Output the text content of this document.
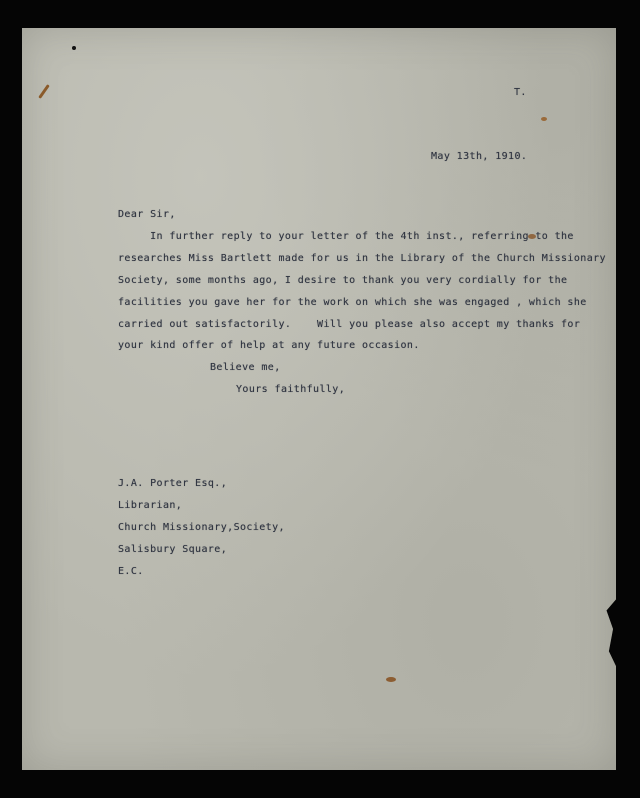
T.
May 13th, 1910.
Dear Sir,
In further reply to your letter of the 4th inst., referring to the
researches Miss Bartlett made for us in the Library of the Church Missionary
Society, some months ago, I desire to thank you very cordially for the
facilities you gave her for the work on which she was engaged , which she
carried out satisfactorily.    Will you please also accept my thanks for
your kind offer of help at any future occasion.
Believe me,
Yours faithfully,
J.A. Porter Esq.,
Librarian,
Church Missionary,Society,
Salisbury Square,
E.C.
